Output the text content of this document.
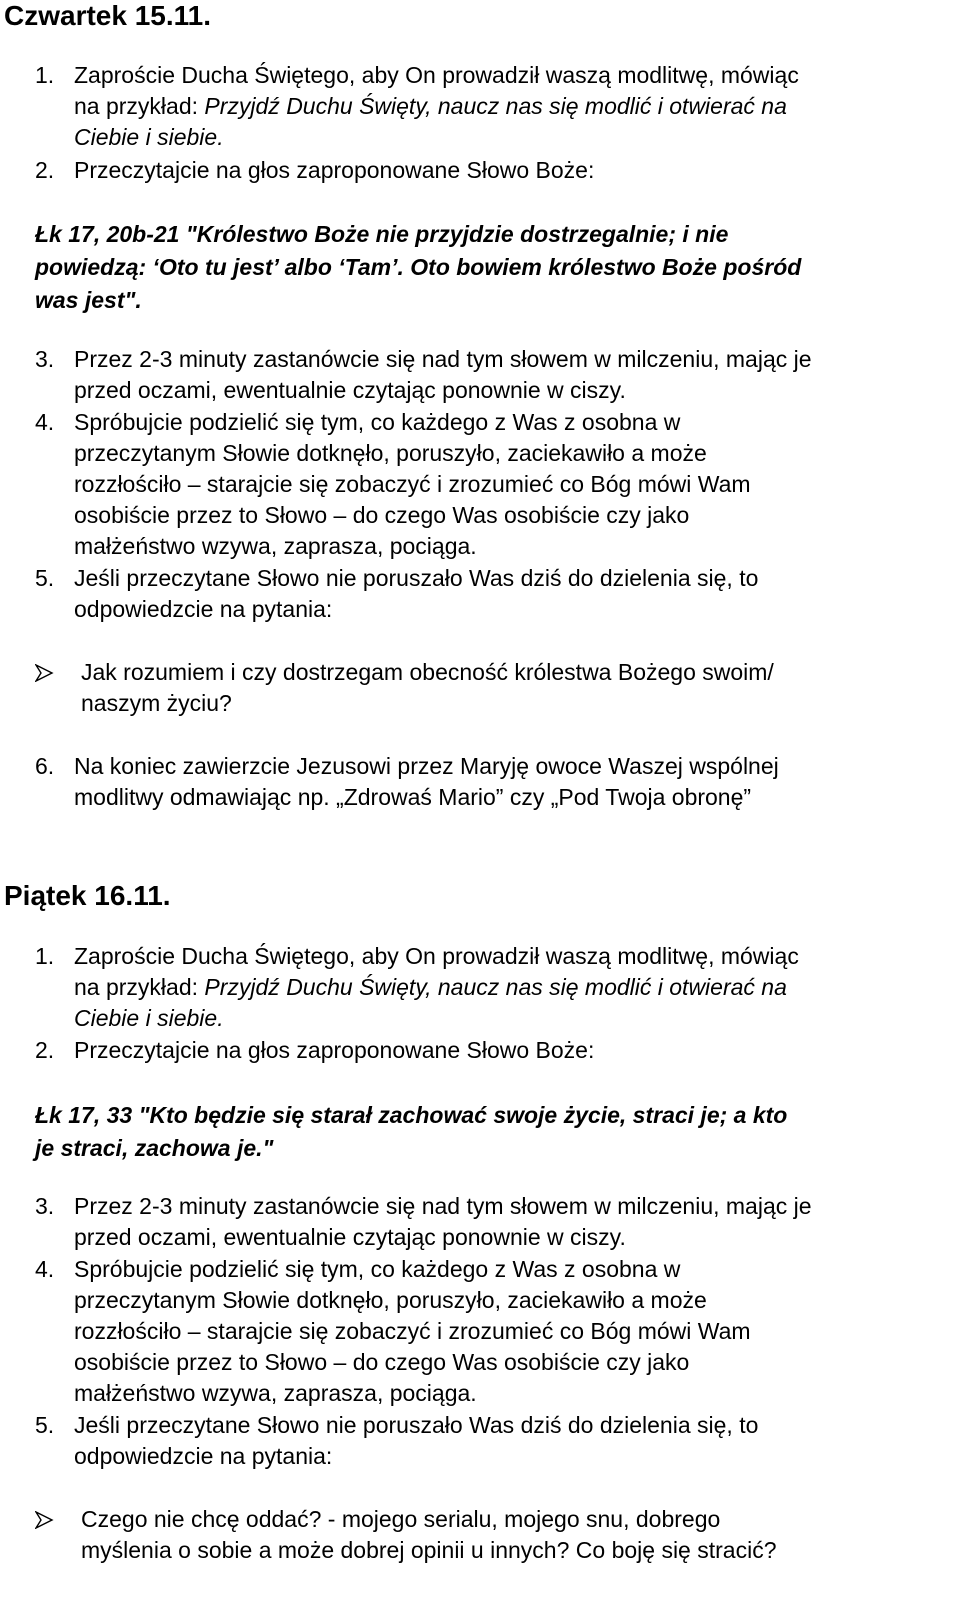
Czwartek 15.11.
1. Zaproście Ducha Świętego, aby On prowadził waszą modlitwę, mówiąc
na przykład: Przyjdź Duchu Święty, naucz nas się modlić i otwierać na
Ciebie i siebie.
2. Przeczytajcie na głos zaproponowane Słowo Boże:
Łk 17, 20b-21 "Królestwo Boże nie przyjdzie dostrzegalnie; i nie
powiedzą: ‘Oto tu jest’ albo ‘Tam’. Oto bowiem królestwo Boże pośród
was jest".
3. Przez 2-3 minuty zastanówcie się nad tym słowem w milczeniu, mając je
przed oczami, ewentualnie czytając ponownie w ciszy.
4. Spróbujcie podzielić się tym, co każdego z Was z osobna w
przeczytanym Słowie dotknęło, poruszyło, zaciekawiło a może
rozzłościło – starajcie się zobaczyć i zrozumieć co Bóg mówi Wam
osobiście przez to Słowo – do czego Was osobiście czy jako
małżeństwo wzywa, zaprasza, pociąga.
5. Jeśli przeczytane Słowo nie poruszało Was dziś do dzielenia się, to
odpowiedzcie na pytania:
Jak rozumiem i czy dostrzegam obecność królestwa Bożego swoim/
naszym życiu?
6. Na koniec zawierzcie Jezusowi przez Maryję owoce Waszej wspólnej
modlitwy odmawiając np. „Zdrowaś Mario” czy „Pod Twoja obronę”
Piątek 16.11.
1. Zaproście Ducha Świętego, aby On prowadził waszą modlitwę, mówiąc
na przykład: Przyjdź Duchu Święty, naucz nas się modlić i otwierać na
Ciebie i siebie.
2. Przeczytajcie na głos zaproponowane Słowo Boże:
Łk 17, 33 "Kto będzie się starał zachować swoje życie, straci je; a kto
je straci, zachowa je."
3. Przez 2-3 minuty zastanówcie się nad tym słowem w milczeniu, mając je
przed oczami, ewentualnie czytając ponownie w ciszy.
4. Spróbujcie podzielić się tym, co każdego z Was z osobna w
przeczytanym Słowie dotknęło, poruszyło, zaciekawiło a może
rozzłościło – starajcie się zobaczyć i zrozumieć co Bóg mówi Wam
osobiście przez to Słowo – do czego Was osobiście czy jako
małżeństwo wzywa, zaprasza, pociąga.
5. Jeśli przeczytane Słowo nie poruszało Was dziś do dzielenia się, to
odpowiedzcie na pytania:
Czego nie chcę oddać? - mojego serialu, mojego snu, dobrego
myślenia o sobie a może dobrej opinii u innych? Co boję się stracić?
